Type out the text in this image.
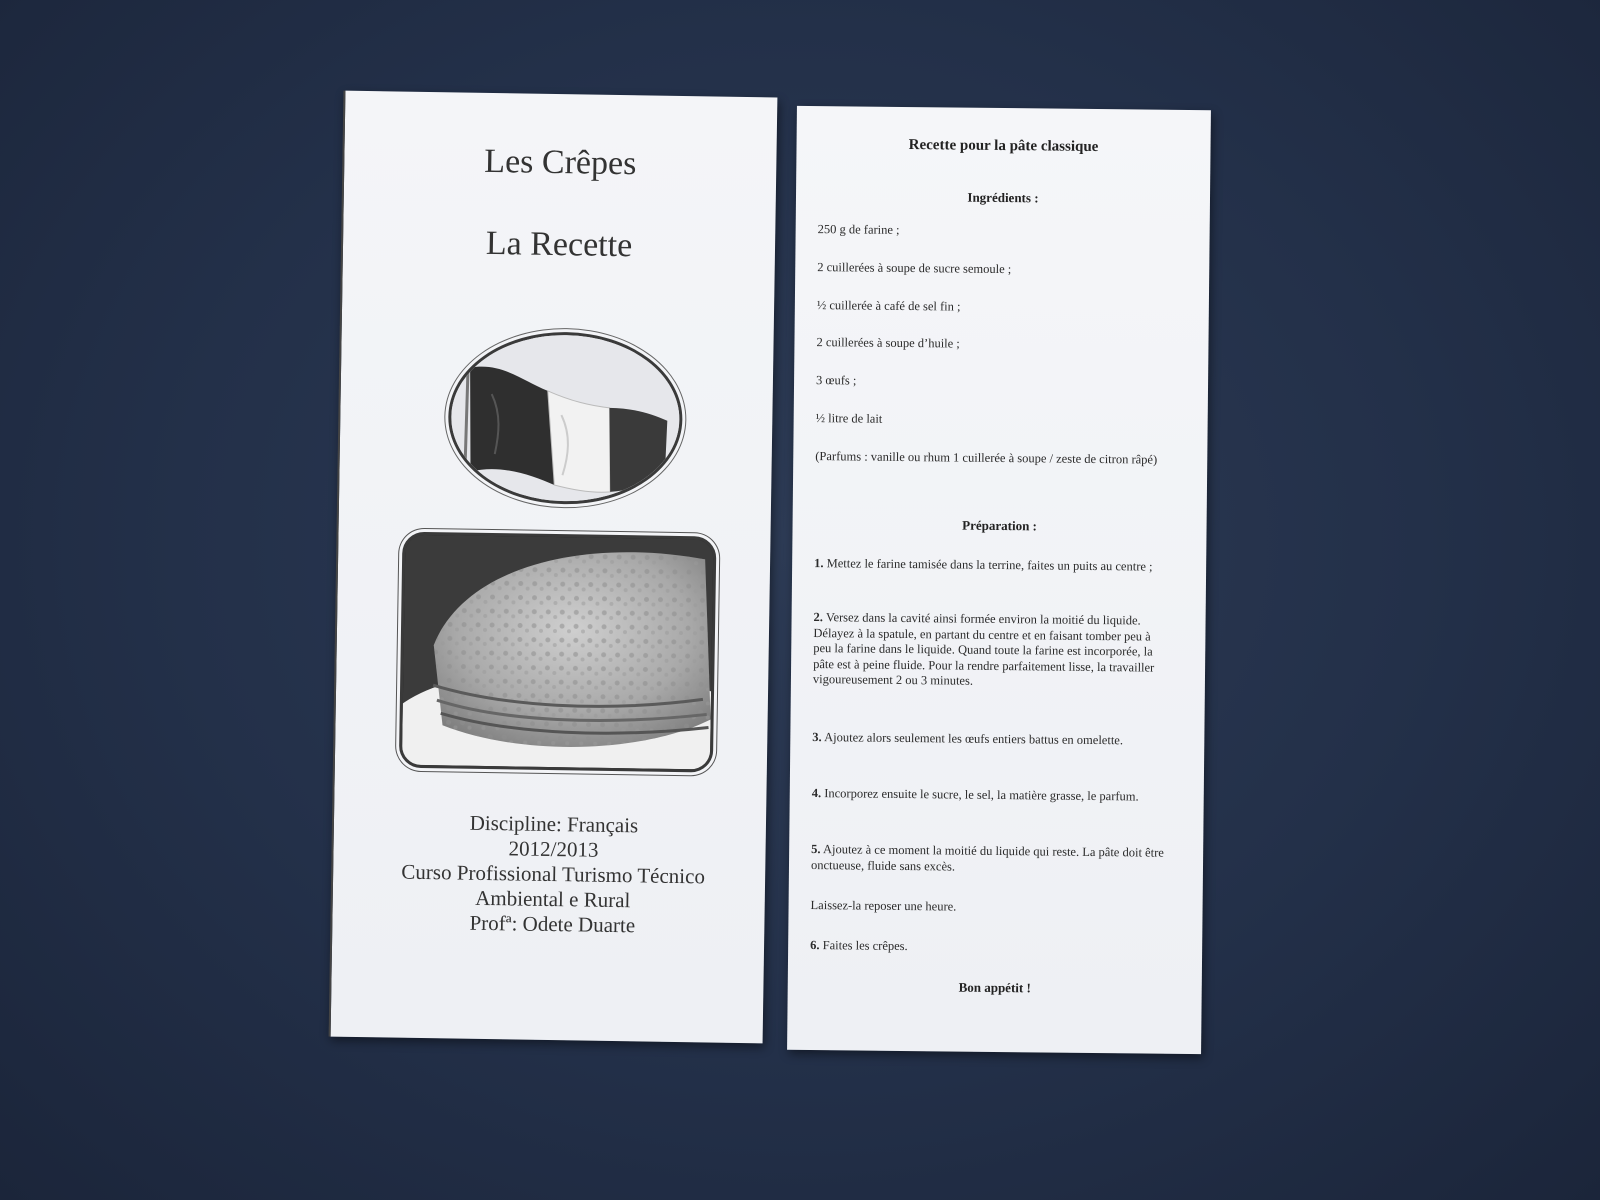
Les Crêpes
La Recette
Discipline: Français
2012/2013
Curso Profissional Turismo Técnico
Ambiental e Rural
Profª: Odete Duarte
Recette pour la pâte classique
Ingrédients :
250 g de farine ;
2 cuillerées à soupe de sucre semoule ;
½ cuillerée à café de sel fin ;
2 cuillerées à soupe d’huile ;
3 œufs ;
½ litre de lait
(Parfums : vanille ou rhum 1 cuillerée à soupe / zeste de citron râpé)
Préparation :
1. Mettez le farine tamisée dans la terrine, faites un puits au centre ;
2. Versez dans la cavité ainsi formée environ la moitié du liquide. Délayez à la spatule, en partant du centre et en faisant tomber peu à peu la farine dans le liquide. Quand toute la farine est incorporée, la pâte est à peine fluide. Pour la rendre parfaitement lisse, la travailler vigoureusement 2 ou 3 minutes.
3. Ajoutez alors seulement les œufs entiers battus en omelette.
4. Incorporez ensuite le sucre, le sel, la matière grasse, le parfum.
5. Ajoutez à ce moment la moitié du liquide qui reste. La pâte doit être onctueuse, fluide sans excès.
Laissez-la reposer une heure.
6. Faites les crêpes.
Bon appétit !
